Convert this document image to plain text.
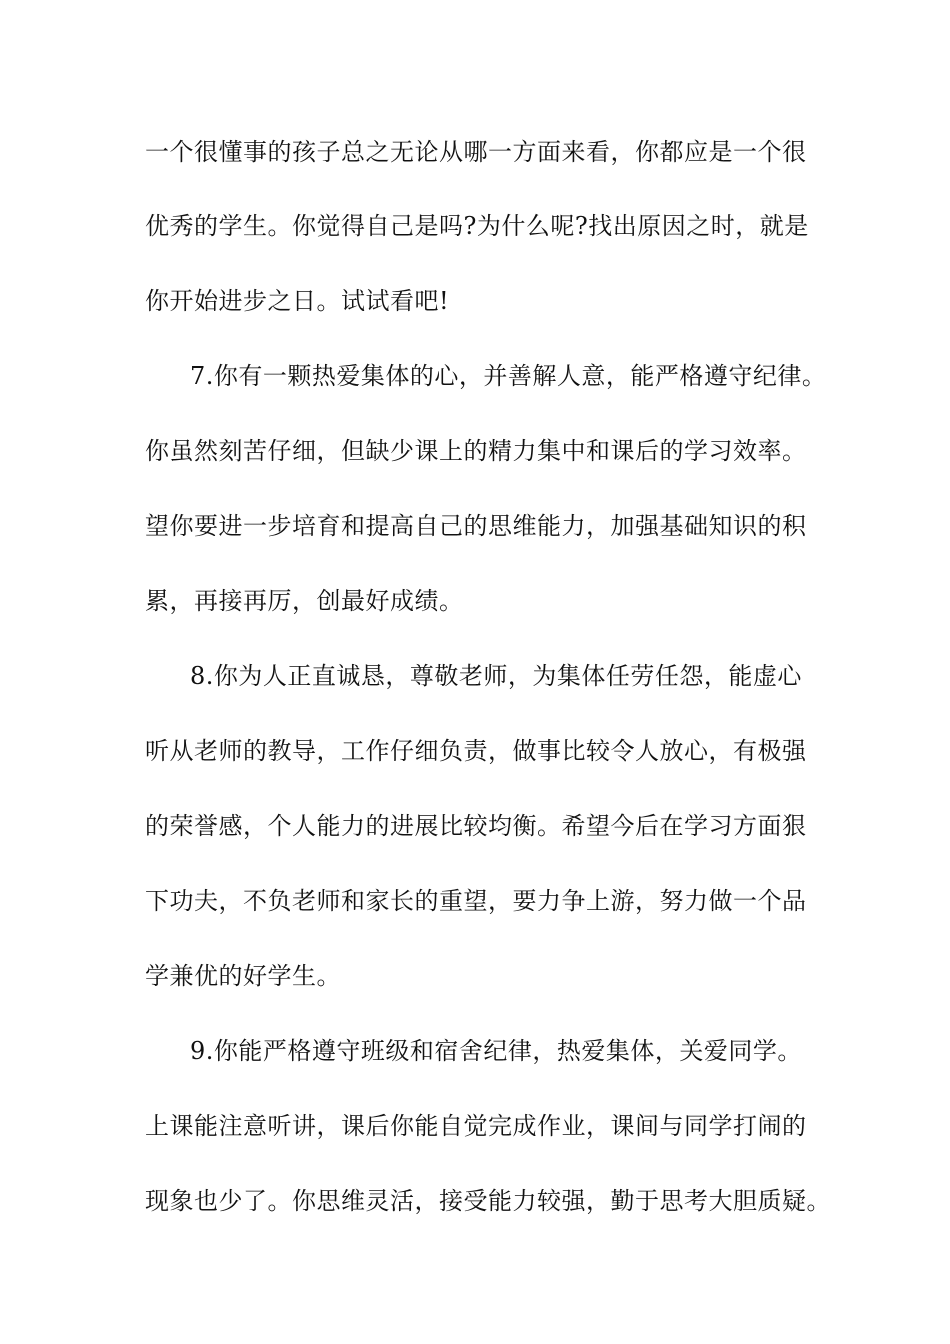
一个很懂事的孩子总之无论从哪一方面来看，你都应是一个很
优秀的学生。你觉得自己是吗?为什么呢?找出原因之时，就是
你开始进步之日。试试看吧!
7.你有一颗热爱集体的心，并善解人意，能严格遵守纪律。
你虽然刻苦仔细，但缺少课上的精力集中和课后的学习效率。
望你要进一步培育和提高自己的思维能力，加强基础知识的积
累，再接再厉，创最好成绩。
8.你为人正直诚恳，尊敬老师，为集体任劳任怨，能虚心
听从老师的教导，工作仔细负责，做事比较令人放心，有极强
的荣誉感，个人能力的进展比较均衡。希望今后在学习方面狠
下功夫，不负老师和家长的重望，要力争上游，努力做一个品
学兼优的好学生。
9.你能严格遵守班级和宿舍纪律，热爱集体，关爱同学。
上课能注意听讲，课后你能自觉完成作业，课间与同学打闹的
现象也少了。你思维灵活，接受能力较强，勤于思考大胆质疑。
